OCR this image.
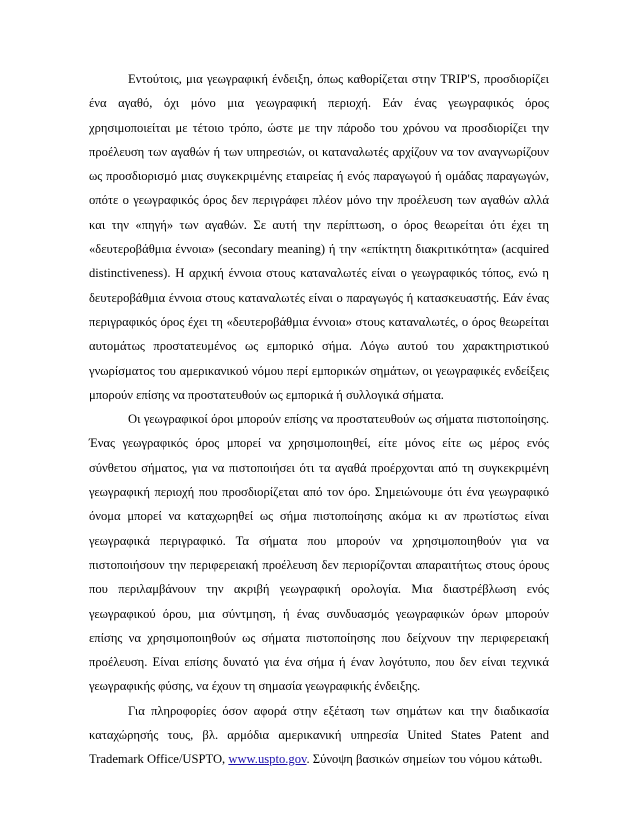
Εντούτοις, μια γεωγραφική ένδειξη, όπως καθορίζεται στην TRIP'S, προσδιορίζει ένα αγαθό, όχι μόνο μια γεωγραφική περιοχή. Εάν ένας γεωγραφικός όρος χρησιμοποιείται με τέτοιο τρόπο, ώστε με την πάροδο του χρόνου να προσδιορίζει την προέλευση των αγαθών ή των υπηρεσιών, οι καταναλωτές αρχίζουν να τον αναγνωρίζουν ως προσδιορισμό μιας συγκεκριμένης εταιρείας ή ενός παραγωγού ή ομάδας παραγωγών, οπότε ο γεωγραφικός όρος δεν περιγράφει πλέον μόνο την προέλευση των αγαθών αλλά και την «πηγή» των αγαθών. Σε αυτή την περίπτωση, ο όρος θεωρείται ότι έχει τη «δευτεροβάθμια έννοια» (secondary meaning) ή την «επίκτητη διακριτικότητα» (acquired distinctiveness). Η αρχική έννοια στους καταναλωτές είναι ο γεωγραφικός τόπος, ενώ η δευτεροβάθμια έννοια στους καταναλωτές είναι ο παραγωγός ή κατασκευαστής. Εάν ένας περιγραφικός όρος έχει τη «δευτεροβάθμια έννοια» στους καταναλωτές, ο όρος θεωρείται αυτομάτως προστατευμένος ως εμπορικό σήμα. Λόγω αυτού του χαρακτηριστικού γνωρίσματος του αμερικανικού νόμου περί εμπορικών σημάτων, οι γεωγραφικές ενδείξεις μπορούν επίσης να προστατευθούν ως εμπορικά ή συλλογικά σήματα.

Οι γεωγραφικοί όροι μπορούν επίσης να προστατευθούν ως σήματα πιστοποίησης. Ένας γεωγραφικός όρος μπορεί να χρησιμοποιηθεί, είτε μόνος είτε ως μέρος ενός σύνθετου σήματος, για να πιστοποιήσει ότι τα αγαθά προέρχονται από τη συγκεκριμένη γεωγραφική περιοχή που προσδιορίζεται από τον όρο. Σημειώνουμε ότι ένα γεωγραφικό όνομα μπορεί να καταχωρηθεί ως σήμα πιστοποίησης ακόμα κι αν πρωτίστως είναι γεωγραφικά περιγραφικό. Τα σήματα που μπορούν να χρησιμοποιηθούν για να πιστοποιήσουν την περιφερειακή προέλευση δεν περιορίζονται απαραιτήτως στους όρους που περιλαμβάνουν την ακριβή γεωγραφική ορολογία. Μια διαστρέβλωση ενός γεωγραφικού όρου, μια σύντμηση, ή ένας συνδυασμός γεωγραφικών όρων μπορούν επίσης να χρησιμοποιηθούν ως σήματα πιστοποίησης που δείχνουν την περιφερειακή προέλευση. Είναι επίσης δυνατό για ένα σήμα ή έναν λογότυπο, που δεν είναι τεχνικά γεωγραφικής φύσης, να έχουν τη σημασία γεωγραφικής ένδειξης.

Για πληροφορίες όσον αφορά στην εξέταση των σημάτων και την διαδικασία καταχώρησής τους, βλ. αρμόδια αμερικανική υπηρεσία United States Patent and Trademark Office/USPTO, www.uspto.gov. Σύνοψη βασικών σημείων του νόμου κάτωθι.
